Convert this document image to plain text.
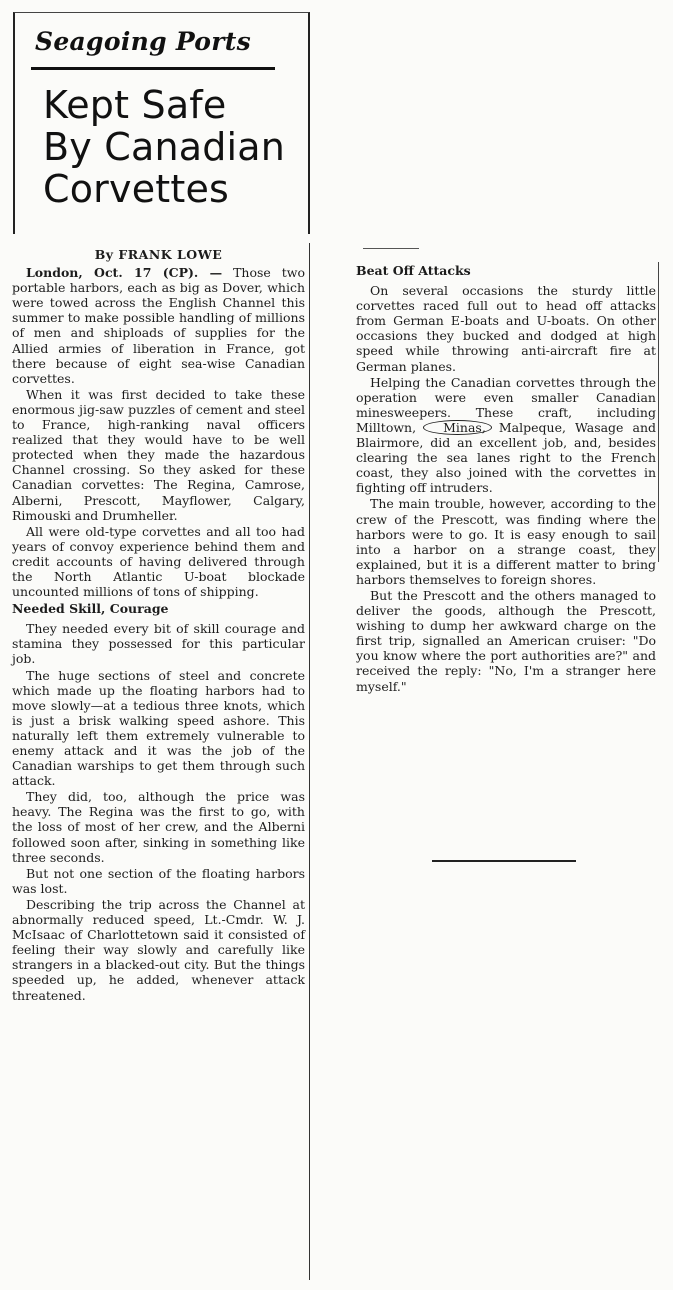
Seagoing Ports
Kept Safe
By Canadian
Corvettes
By FRANK LOWE

London, Oct. 17 (CP). — Those two portable harbors, each as big as Dover, which were towed across the English Channel this summer to make possible handling of millions of men and shiploads of supplies for the Allied armies of liberation in France, got there because of eight sea-wise Canadian corvettes.

When it was first decided to take these enormous jig-saw puzzles of cement and steel to France, high-ranking naval officers realized that they would have to be well protected when they made the hazardous Channel crossing. So they asked for these Canadian corvettes: The Regina, Camrose, Alberni, Prescott, Mayflower, Calgary, Rimouski and Drumheller.

All were old-type corvettes and all too had years of convoy experience behind them and credit accounts of having delivered through the North Atlantic U-boat blockade uncounted millions of tons of shipping.

Needed Skill, Courage

They needed every bit of skill courage and stamina they possessed for this particular job.

The huge sections of steel and concrete which made up the floating harbors had to move slowly—at a tedious three knots, which is just a brisk walking speed ashore. This naturally left them extremely vulnerable to enemy attack and it was the job of the Canadian warships to get them through such attack.

They did, too, although the price was heavy. The Regina was the first to go, with the loss of most of her crew, and the Alberni followed soon after, sinking in something like three seconds.

But not one section of the floating harbors was lost.

Describing the trip across the Channel at abnormally reduced speed, Lt.-Cmdr. W. J. McIsaac of Charlottetown said it consisted of feeling their way slowly and carefully like strangers in a blacked-out city. But the things speeded up, he added, whenever attack threatened.

Beat Off Attacks

On several occasions the sturdy little corvettes raced full out to head off attacks from German E-boats and U-boats. On other occasions they bucked and dodged at high speed while throwing anti-aircraft fire at German planes.

Helping the Canadian corvettes through the operation were even smaller Canadian minesweepers. These craft, including Milltown, Minas, Malpeque, Wasage and Blairmore, did an excellent job, and, besides clearing the sea lanes right to the French coast, they also joined with the corvettes in fighting off intruders.

The main trouble, however, according to the crew of the Prescott, was finding where the harbors were to go. It is easy enough to sail into a harbor on a strange coast, they explained, but it is a different matter to bring harbors themselves to foreign shores.

But the Prescott and the others managed to deliver the goods, although the Prescott, wishing to dump her awkward charge on the first trip, signalled an American cruiser: "Do you know where the port authorities are?" and received the reply: "No, I'm a stranger here myself."
